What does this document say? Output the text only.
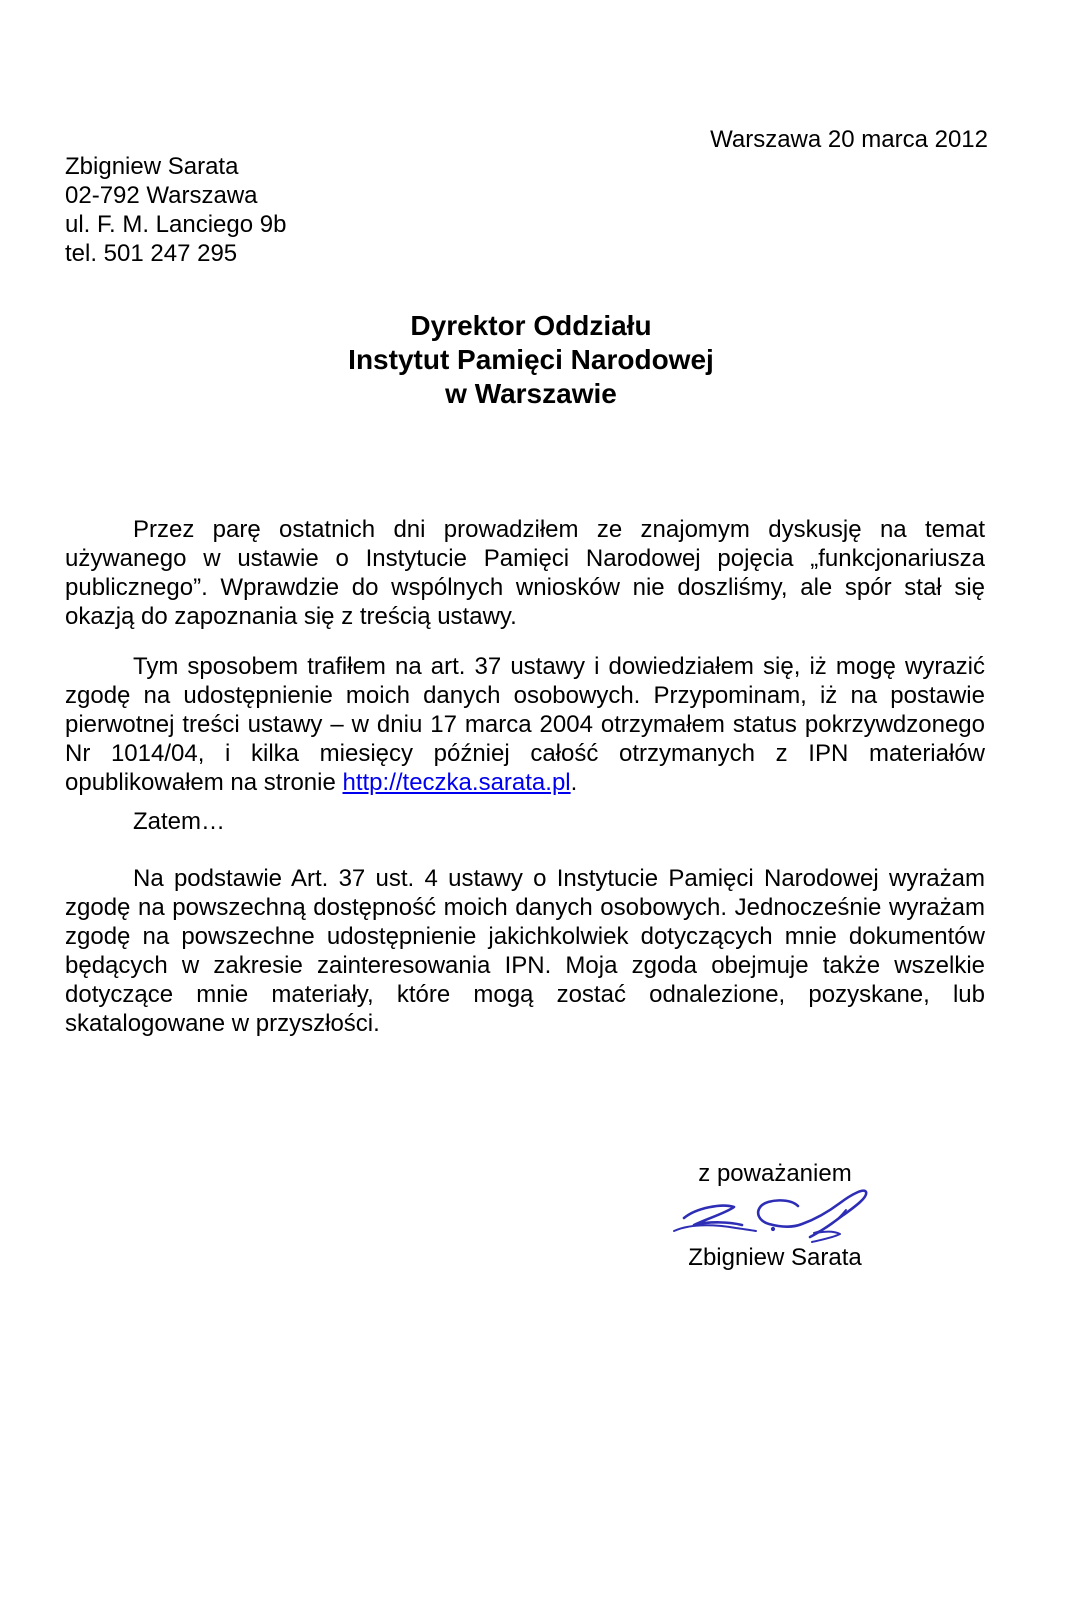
Warszawa 20 marca 2012
Zbigniew Sarata
02-792 Warszawa
ul. F. M. Lanciego 9b
tel. 501 247 295
Dyrektor Oddziału
Instytut Pamięci Narodowej
w Warszawie

Przez parę ostatnich dni prowadziłem ze znajomym dyskusję na temat używanego w ustawie o Instytucie Pamięci Narodowej pojęcia „funkcjonariusza publicznego”. Wprawdzie do wspólnych wniosków nie doszliśmy, ale spór stał się okazją do zapoznania się z treścią ustawy.

Tym sposobem trafiłem na art. 37 ustawy i dowiedziałem się, iż mogę wyrazić zgodę na udostępnienie moich danych osobowych. Przypominam, iż na postawie pierwotnej treści ustawy – w dniu 17 marca 2004 otrzymałem status pokrzywdzonego Nr 1014/04, i kilka miesięcy później całość otrzymanych z IPN materiałów opublikowałem na stronie http://teczka.sarata.pl.

Zatem…

Na podstawie Art. 37 ust. 4 ustawy o Instytucie Pamięci Narodowej wyrażam zgodę na powszechną dostępność moich danych osobowych. Jednocześnie wyrażam zgodę na powszechne udostępnienie jakichkolwiek dotyczących mnie dokumentów będących w zakresie zainteresowania IPN. Moja zgoda obejmuje także wszelkie dotyczące mnie materiały, które mogą zostać odnalezione, pozyskane, lub skatalogowane w przyszłości.

z poważaniem
Zbigniew Sarata
